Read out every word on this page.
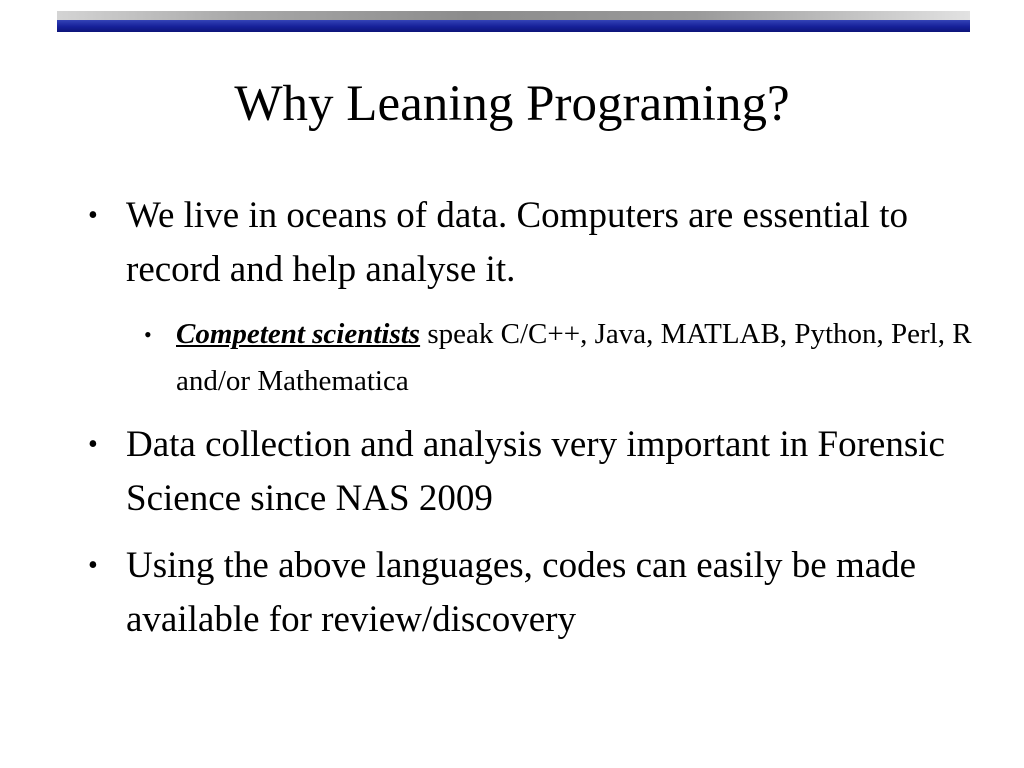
Why Leaning Programing?
• We live in oceans of data. Computers are essential to record and help analyse it.
• Competent scientists speak C/C++, Java, MATLAB, Python, Perl, R and/or Mathematica
• Data collection and analysis very important in Forensic Science since NAS 2009
• Using the above languages, codes can easily be made available for review/discovery
